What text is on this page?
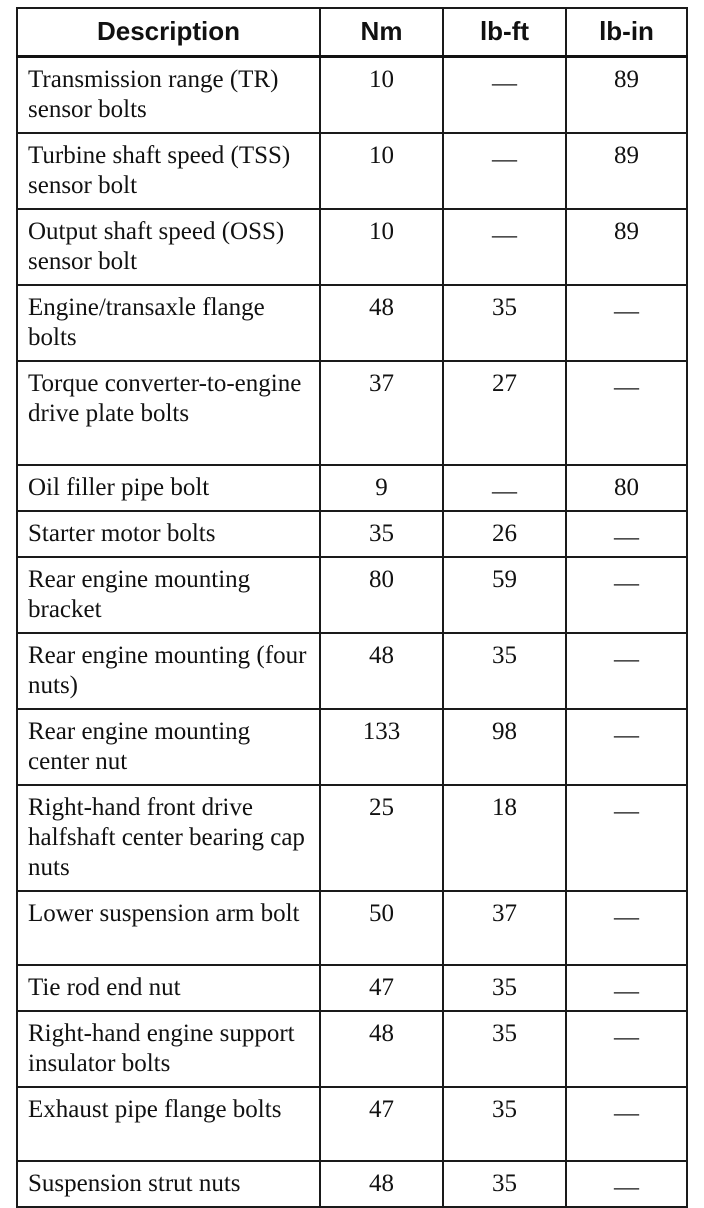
Description	Nm	lb-ft	lb-in
Transmission range (TR) sensor bolts	10	—	89
Turbine shaft speed (TSS) sensor bolt	10	—	89
Output shaft speed (OSS) sensor bolt	10	—	89
Engine/transaxle flange bolts	48	35	—
Torque converter-to-engine drive plate bolts	37	27	—
Oil filler pipe bolt	9	—	80
Starter motor bolts	35	26	—
Rear engine mounting bracket	80	59	—
Rear engine mounting (four nuts)	48	35	—
Rear engine mounting center nut	133	98	—
Right-hand front drive halfshaft center bearing cap nuts	25	18	—
Lower suspension arm bolt	50	37	—
Tie rod end nut	47	35	—
Right-hand engine support insulator bolts	48	35	—
Exhaust pipe flange bolts	47	35	—
Suspension strut nuts	48	35	—
